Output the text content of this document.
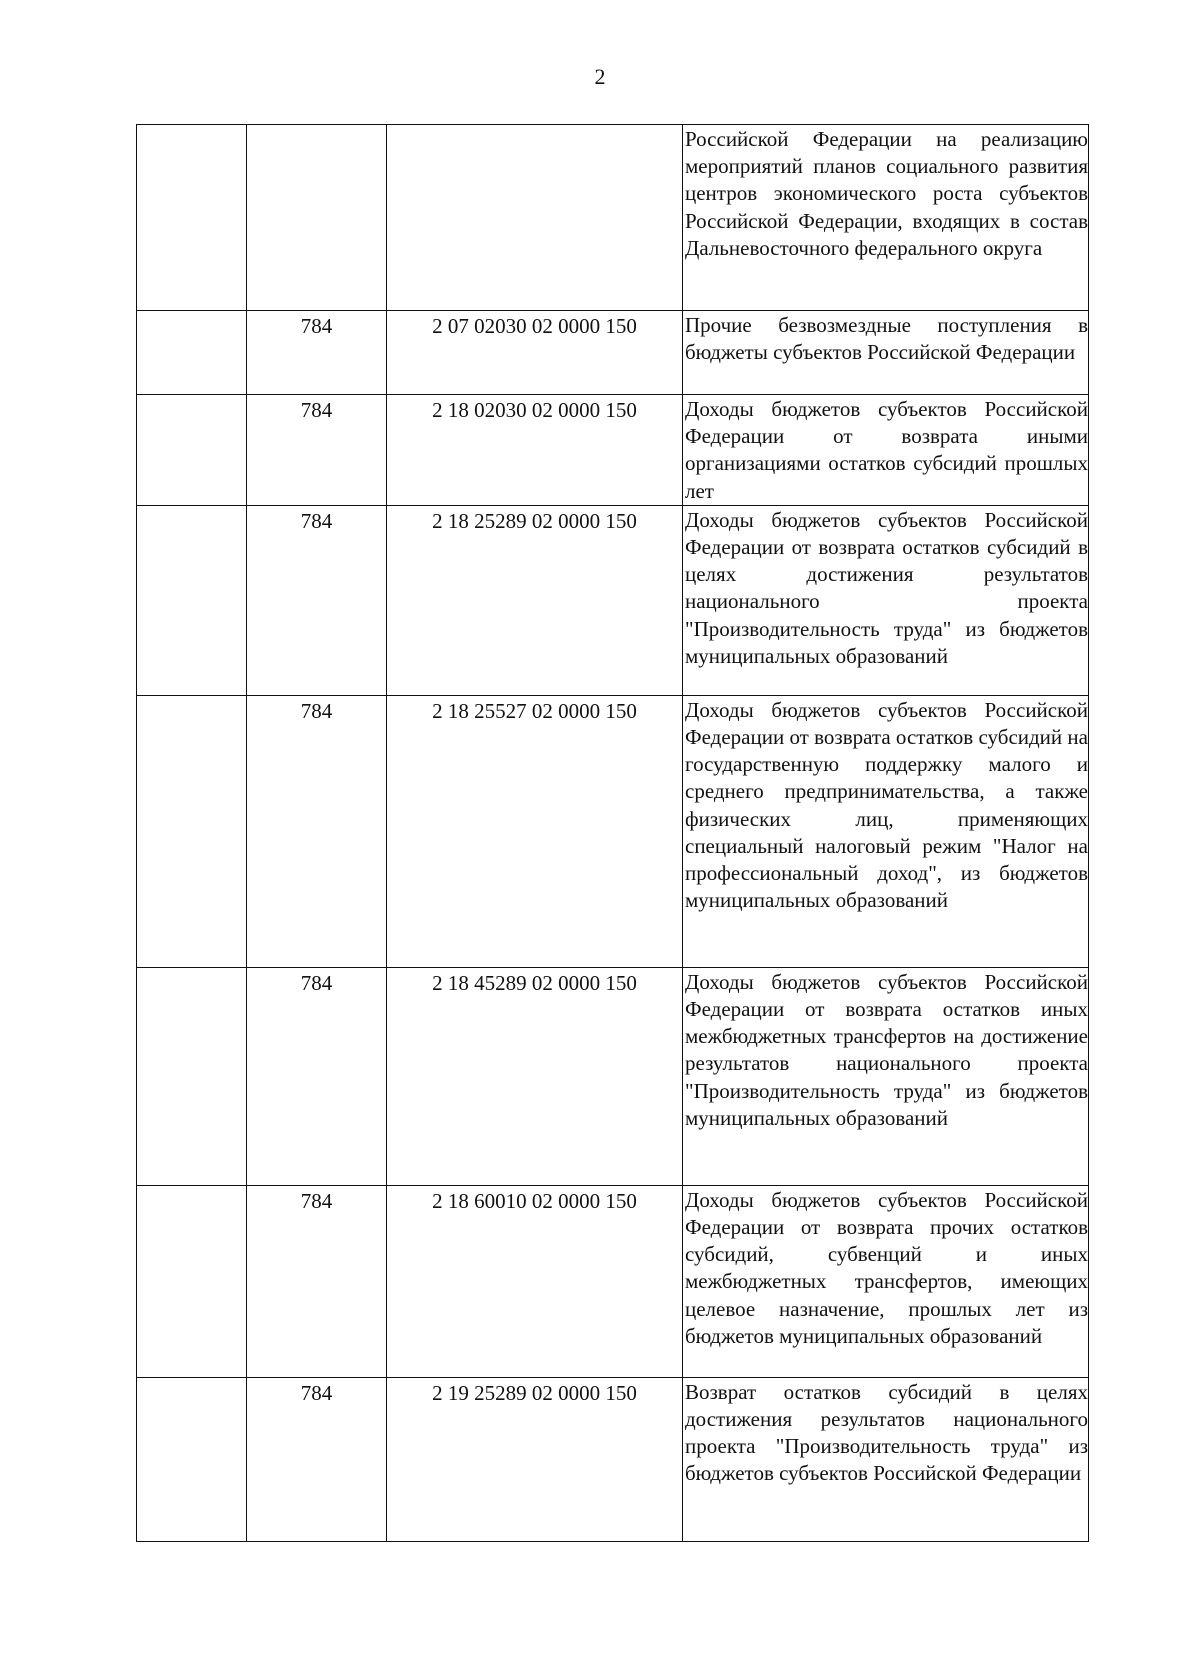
2
			Российской Федерации на реализацию мероприятий планов социального развития центров экономического роста субъектов Российской Федерации, входящих в состав Дальневосточного федерального округа
	784	2 07 02030 02 0000 150	Прочие безвозмездные поступления в бюджеты субъектов Российской Федерации
	784	2 18 02030 02 0000 150	Доходы бюджетов субъектов Российской Федерации от возврата иными организациями остатков субсидий прошлых лет
	784	2 18 25289 02 0000 150	Доходы бюджетов субъектов Российской Федерации от возврата остатков субсидий в целях достижения результатов национального проекта "Производительность труда" из бюджетов муниципальных образований
	784	2 18 25527 02 0000 150	Доходы бюджетов субъектов Российской Федерации от возврата остатков субсидий на государственную поддержку малого и среднего предпринимательства, а также физических лиц, применяющих специальный налоговый режим "Налог на профессиональный доход", из бюджетов муниципальных образований
	784	2 18 45289 02 0000 150	Доходы бюджетов субъектов Российской Федерации от возврата остатков иных межбюджетных трансфертов на достижение результатов национального проекта "Производительность труда" из бюджетов муниципальных образований
	784	2 18 60010 02 0000 150	Доходы бюджетов субъектов Российской Федерации от возврата прочих остатков субсидий, субвенций и иных межбюджетных трансфертов, имеющих целевое назначение, прошлых лет из бюджетов муниципальных образований
	784	2 19 25289 02 0000 150	Возврат остатков субсидий в целях достижения результатов национального проекта "Производительность труда" из бюджетов субъектов Российской Федерации
